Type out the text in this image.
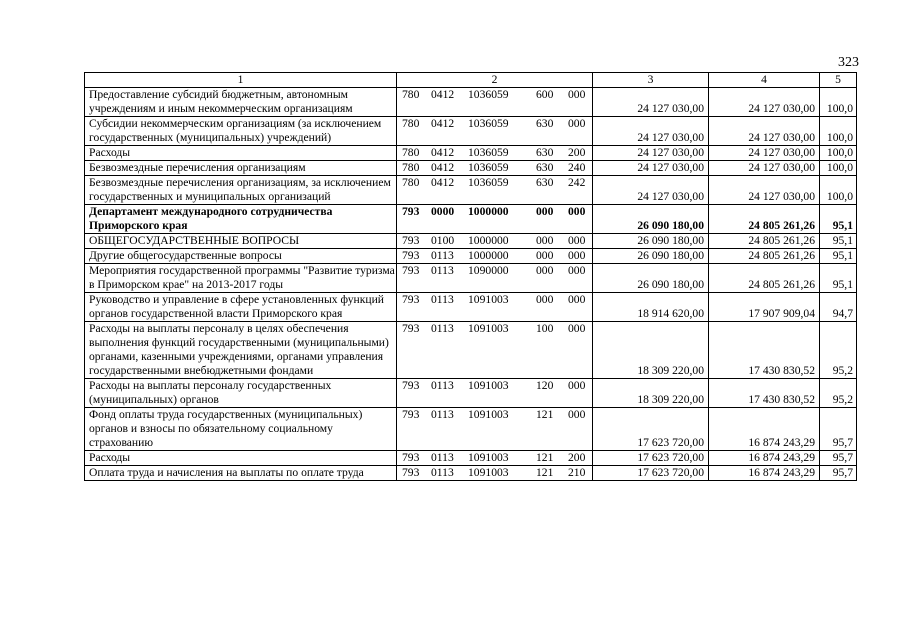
323
1	2	3	4	5
Предоставление субсидий бюджетным, автономным учреждениям и иным некоммерческим организациям	780 0412 1036059 600 000	24 127 030,00	24 127 030,00	100,0
Субсидии некоммерческим организациям (за исключением государственных (муниципальных) учреждений)	780 0412 1036059 630 000	24 127 030,00	24 127 030,00	100,0
Расходы	780 0412 1036059 630 200	24 127 030,00	24 127 030,00	100,0
Безвозмездные перечисления организациям	780 0412 1036059 630 240	24 127 030,00	24 127 030,00	100,0
Безвозмездные перечисления организациям, за исключением государственных и муниципальных организаций	780 0412 1036059 630 242	24 127 030,00	24 127 030,00	100,0
Департамент международного сотрудничества Приморского края	793 0000 1000000 000 000	26 090 180,00	24 805 261,26	95,1
ОБЩЕГОСУДАРСТВЕННЫЕ ВОПРОСЫ	793 0100 1000000 000 000	26 090 180,00	24 805 261,26	95,1
Другие общегосударственные вопросы	793 0113 1000000 000 000	26 090 180,00	24 805 261,26	95,1
Мероприятия государственной программы "Развитие туризма в Приморском крае" на 2013-2017 годы	793 0113 1090000 000 000	26 090 180,00	24 805 261,26	95,1
Руководство и управление в сфере установленных функций органов государственной власти Приморского края	793 0113 1091003 000 000	18 914 620,00	17 907 909,04	94,7
Расходы на выплаты персоналу в целях обеспечения выполнения функций государственными (муниципальными) органами, казенными учреждениями, органами управления государственными внебюджетными фондами	793 0113 1091003 100 000	18 309 220,00	17 430 830,52	95,2
Расходы на выплаты персоналу государственных (муниципальных) органов	793 0113 1091003 120 000	18 309 220,00	17 430 830,52	95,2
Фонд оплаты труда государственных (муниципальных) органов и взносы по обязательному социальному страхованию	793 0113 1091003 121 000	17 623 720,00	16 874 243,29	95,7
Расходы	793 0113 1091003 121 200	17 623 720,00	16 874 243,29	95,7
Оплата труда и начисления на выплаты по оплате труда	793 0113 1091003 121 210	17 623 720,00	16 874 243,29	95,7
